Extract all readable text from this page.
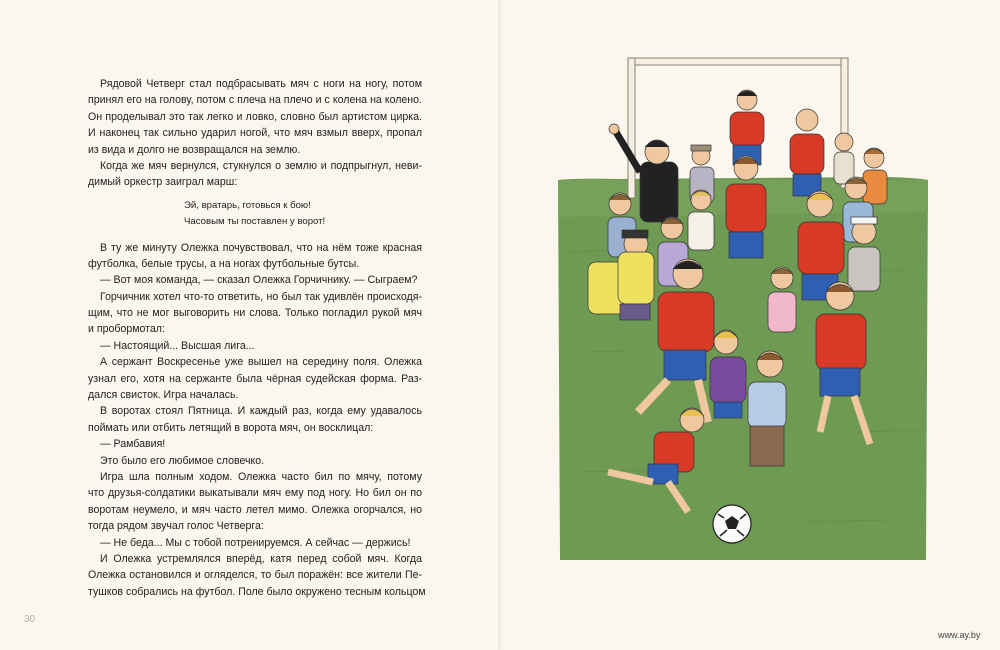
Рядовой Четверг стал подбрасывать мяч с ноги на ногу, потом
принял его на голову, потом с плеча на плечо и с колена на колено.
Он проделывал это так легко и ловко, словно был артистом цирка.
И наконец так сильно ударил ногой, что мяч взмыл вверх, пропал
из вида и долго не возвращался на землю.
Когда же мяч вернулся, стукнулся о землю и подпрыгнул, неви-
димый оркестр заиграл марш:
Эй, вратарь, готовься к бою!
Часовым ты поставлен у ворот!
В ту же минуту Олежка почувствовал, что на нём тоже красная
футболка, белые трусы, а на ногах футбольные бутсы.
— Вот моя команда, — сказал Олежка Горчичнику. — Сыграем?
Горчичник хотел что-то ответить, но был так удивлён происходя-
щим, что не мог выговорить ни слова. Только погладил рукой мяч
и пробормотал:
— Настоящий... Высшая лига...
А сержант Воскресенье уже вышел на середину поля. Олежка
узнал его, хотя на сержанте была чёрная судейская форма. Раз-
дался свисток. Игра началась.
В воротах стоял Пятница. И каждый раз, когда ему удавалось
поймать или отбить летящий в ворота мяч, он восклицал:
— Рамбавия!
Это было его любимое словечко.
Игра шла полным ходом. Олежка часто бил по мячу, потому
что друзья-солдатики выкатывали мяч ему под ногу. Но бил он по
воротам неумело, и мяч часто летел мимо. Олежка огорчался, но
тогда рядом звучал голос Четверга:
— Не беда... Мы с тобой потренируемся. А сейчас — держись!
И Олежка устремлялся вперёд, катя перед собой мяч. Когда
Олежка остановился и огляделся, то был поражён: все жители Пе-
тушков собрались на футбол. Поле было окружено тесным кольцом
30
www.ay.by
